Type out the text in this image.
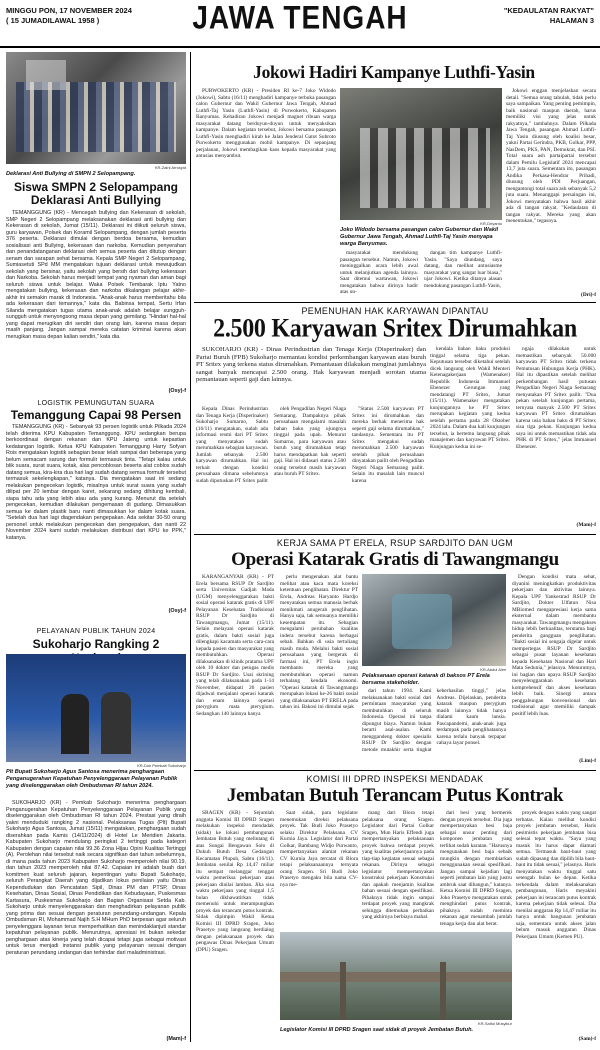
MINGGU PON, 17 NOVEMBER 2024
( 15 JUMADILAWAL 1958 )	JAWA TENGAH	"KEDAULATAN RAKYAT"
HALAMAN 3
KR-Zaini Arrosyid
Deklarasi Anti Bullying di SMPN 2 Selopampang.
Siswa SMPN 2 Selopampang Deklarasi Anti Bullying

TEMANGGUNG (KR) - Mencegah bullying dan Kekerasan di sekolah, SMP Negeri 2 Selopampang melaksanakan deklarasi anti bullying dan Kekerasan di sekolah, Jumat (15/11). Deklarasi ini diikuti seluruh siswa, guru karyawan, Polsek dan Koramil Selopampang, dengan jumlah peserta 376 peserta. Deklarasi dimulai dengan berdoa bersama, kemudian sosialisasi anti Bullying, kekerasan dan narkoba. Kemudian penyerahan dan penandatanganan deklarasi oleh semua peserta dan ditutup dengan senam dan sarapan sehat bersama. Kepala SMP Negeri 2 Selopampang, Sumiasetuti SPd MM mengatakan tujuan deklarasi untuk mewujudkan sekolah yang bersinar, yaitu sekolah yang bersih dari bullying kekerasan dan Narkoba. Sekolah harus menjadi tempat yang nyaman dan aman bagi seluruh siswa untuk belajar. Waka Polsek Tembarak Iptu Yatno mengatakan bullying, kekerasan dan narkoba dikalangan pelajar akhir-akhir ini semakin marak di Indonesia. "Anak-anak harus memberitahu bila ada kekerasan dari temannya," kata dia. Babinsa tempat, Sertu Irfan Silanda mengatakan tugas utama anak-anak adalah belajar sungguh-sungguh untuk menyongsong masa depan yang gemilang. "Hindari hal-hal yang dapat merugikan diri sendiri dan orang lain, karena masa depan masih panjang. Jangan sampai mereka catatan kriminal karena akan merugikan masa depan kalian sendiri," kata dia.

(Osy)-f
LOGISTIK PEMUNGUTAN SUARA
Temanggung Capai 98 Persen

TEMANGGUNG (KR) - Sebanyak 93 persen logistik untuk Pilkada 2024 telah diterima KPU Kabupaten Temanggung. KPU sedangkan berupa berkoordinasi dengan rekanan dan KPU Jateng untuk kepastian kedatangan logistik. Ketua KPU Kabupaten Temanggung Harry Sofyan Rois mengatakan logistik sebagian besar telah sampai dan beberapa yang belum semacam sarung dan formulir termasuk tinta. "Tetapi kalau untuk blik suara, surat suara, kotak, alas pencoblosan beserta alat coblos sudah datang semua, kira-kira dua hari lagi sudah datang semua formulir tersebut termasuk sekelengkapan," katanya. Dia mengatakan saat ini sedang melakukan pengecekan logistik, misalnya untuk surat suara yang sudah dilipat per 20 lembar dengan karet, sekarang sedang dihitung kembali, siapa tahu ada yang lebih atau ada yang kurang. Menurut dia setelah pengecekan, kemudian dilakukan pengemasan di gudang. Dimasukkan semua ke dalam plastik baru nanti dimasukkan ke dalam kotak suara. "Setelah dua hari lagi diagendakan pengepakan. Ada sekitar 30-50 orang personel untuk melakukan pengecekan dan pengepakan, dan nanti 22 November 2024 kami sudah melakukan distribusi dari KPU ke PPK," katanya.

(Osy)-f
PELAYANAN PUBLIK TAHUN 2024
Sukoharjo Rangking 2
KR-Dok Pemkab Sukoharjo
Plt Bupati Sukoharjo Agus Santosa menerima penghargaan Penganugerahan Kepatuhan Penyelenggaraan Pelayanan Publik yang diselenggarakan oleh Ombudsman RI tahun 2024.

SUKOHARJO (KR) - Pemkab Sukoharjo menerima penghargaan Penganugerahan Kepatuhan Penyelenggaraan Pelayanan Publik yang diselenggarakan oleh Ombudsman RI tahun 2024. Prestasi yang diraih yakni menduduki rangking 2 nasional. Pelaksanaa Tugas (Plt) Bupati Sukoharjo Agus Santosa, Jumat (15/11) mengatakan, penghargaan sudah diserahkan pada Kamis (14/11/2024) di Hotel Le Meridien Jakarta. Kabupaten Sukoharjo mendulang peringkat 2 tertinggi pada kategori Kabupaten dengan capaian nilai 99.36 Zona Hijau Opini Kualitas Tertinggi (A). Perolehan nilai tersebut naik secara signifikan dari tahun sebelumnya, di mana pada tahun 2023 Kabupaten Sukoharjo memperoleh nilai 90.19, dan tahun 2023 memperoleh nilai 87.42. Capaian ini adalah buah dari komitmen kuat seluruh jajaran, kepentingan yaitu Bupati Sukoharjo, seluruh Perangkat Daerah yang dijadikan lokus penilaian yaitu Dinas Kependudukan dan Pencatatan Sipil, Dinas PM dan PTSP, Dinas Kesehatan, Dinas Sosial, Dinas Pendidikan dan Kebudayaan, Puskesmas Kartasura, Puskesmas Sukoharjo dan Bagian Organisasi Setda Kab. Sukoharjo untuk menyelenggarakan dan menghadirkan pelayanan publik yang prima dan sesuai dengan peraturan perundang-undangan. Kepala Ombudsman RI, Mohammad Najih S.H MHum PhD berpesan agar seluruh penyelenggara layanan terus memperhatikan dan menindaklanjuti standar kepatuhan pelayanan publik. Menurutnya, apresiasi ini bukan sekedar penghargaan atas kinerja yang telah dicapai tetapi juga sebagai motivasi untuk terus menjadi instansi publik yang pelayanan sesuai dengan peraturan perundang undangan dan terhindar dari maladministrasi.

(Mam)-f
Jokowi Hadiri Kampanye Luthfi-Yasin

PURWOKERTO (KR) - Presiden RI ke-7 Joko Widodo (Jokowi), Sabtu (16/11) menghadiri kampanye terbuka pasangan calon Gubernur dan Wakil Gubernur Jawa Tengah, Ahmad Luthfi-Taj Yasin (Luthfi-Yasin) di Purwokerto, Kabupaten Banyumas. Kehadiran Jokowi menjadi magnet ribuan warga masyarakat datang berduyun-duyun untuk menyaksikan kampanye. Dalam kegiatan tersebut, Jokowi bersama pasangan Luthfi-Yasin menghadiri kirab ke Jalan Jenderal Gatot Subroto Purwokerto menggunakan mobil kampanye. Di sepanjang perjalanan, Jokowi membagikan kaos kepada masyarakat yang antusias menyambut.

KR-Driyanto
Joko Widodo bersama pasangan calon Gubernur dan Wakil Gubernur Jawa Tengah, Ahmad Luthfi-Taj Yasin menyapa warga Banyumas.

masyarakat mendukung pasangan tersebut. Namun, Jokowi meninggalkan acara lebih awal untuk melanjutkan agenda lainnya. Saat ditemui wartawan, Jokowi mengatakan bahwa dirinya hadir atas un-

dangan tim kampanye Luthfi-Yasin. "Saya diundang, saya datang, dan melihat antusiasme masyarakat yang sangat luar biasa," ujar Jokowi. Ketika ditanya alasan mendukung pasangan Luthfi-Yasin,

Jokowi enggan menjelaskan secara detail. "Semua orang tahulah, tidak perlu saya sampaikan. Yang penting pemimpin, baik nasional maupun daerah, harus memiliki visi yang jelas untuk rakyatnya," tambahnya. Dalam Pilkada Jawa Tengah, pasangan Ahmad Luthfi-Taj Yasin diusung oleh koalisi besar, yakni Partai Gerindra, PKB, Golkar, PPP, NasDem, PKS, PAN, Demokrat, dan PSI. Total suara ash partaipartai tersebut dalam Pemilu Legislatif 2024 mencapai 13,7 juta suara. Sementara itu, pasangan Andika Perkasa-Hendrar Prihadi, diusung oleh PDI Perjuangan, mengantongi total suara ash sebanyak 5,2 juta suara. Menanggapi persaingan ini, Jokowi menyatakan bahwa hasil akhir ada di tangan rakyat. "Kedaulatan di tangan rakyat. Mereka yang akan menentukan," tegasnya.

(Dri)-f
PEMENUHAN HAK KARYAWAN DIPANTAU
2.500 Karyawan Sritex Dirumahkan

SUKOHARJO (KR) - Dinas Perindustrian dan Tenaga Kerja (Disperinaker) dan Partai Buruh (FPB) Sukoharjo memantau kondisi perkembangan karyawan atau buruh PT Sritex yang terkena status dirumahkan. Pemantauan dilakukan menginat jumlahnya sangat banyak mencapai 2.500 orang. Hak karyawan menjadi sorotan utama pemantauan seperti gaji dan lainnya.

Kepala Dinas Perindustrian dan Tenaga Kerja (Disperinaker) Sukoharjo Sumarno, Sabtu (16/11) mengatakan, sudah ada informasi resmi dari PT Sritex yang menyatakan sudah merumahkan sebagian karyawan. Jumlah sebanyak 2.500 karyawan dirumahkan. Hal ini terkait dengan kondisi perusahaan dimana sebelumnya sudah diputuskan PT Sritex pailit

oleh Pengadilan Negeri Niaga Semarang. Dampaknya pihak perusahaan mengalami masalah bahan baku yang ujungnya tinggal pada upah. Menurut Sumarno, para karyawan atau buruh yang dirumahkan tetap harus mendapatkan hak seperti gaji. Hal ini didasari status 2.500 orang tersebut masih karyawan atau buruh PT Sritex.

"Status 2.500 karyawan PT Sritex ini dirumahkan dan mereka berhak menerima hak seperti gaji selama dirumahkan," tandasnya. Sementara itu PT Sritex mengakui sudah merumahkan 2.500 karyawan setelah pihak perusahaan dinyatakan pailit oleh Pengadilan Negeri Niaga Semarang pailit. Selain itu masalah lain muncul karena

kendala bahan baku produksi tinggal selama tiga pekan. Keputusan tersebut diketahui setelah dicek langsung oleh Wakil Menteri Ketenagakerjaan (Wamenaker) Republik Indonesia Immanuel Ebenezer Gerungan yang mendatangi PT Sritex, Jumat (15/11). Wamenaker mengatakan kunjungannya ke PT Sritex merupakan kegiatan yang kedua setelah pertama pada 28 Oktober 2024 lalu. Dalam dua kali kunjungan tersebut, ia bertemu langsung pihak manajemen dan karyawan PT Sritex. Kunjungan kedua ini se-

ngaja dilakukan untuk memastikan sebanyak 50.000 karyawan PT Sritex tidak terkena Pemutusan Hubungan Kerja (PHK). Hal itu dipastikan setelah melihat perkembangan hasil putusan Pengadilan Negeri Niaga Semarang menyatakan PT Sritex pailit. "Dua pekan setelah kunjungan pertama, ternyata manyak 2.500 PT Sritex karyawan PT Sritex dirumahkan karena usia bahan baku di PT Sritex sisa tiga pekan. Kunjungan kedua saya ini untuk memastikan tidak ada PHK di PT Sritex," jelas Immanuel Ebenezer.

(Mam)-f
KERJA SAMA PT ERELA, RSUP SARDJITO DAN UGM
Operasi Katarak Gratis di Tawangmangu

KARANGANYAR (KR) - PT Erela bersama RSUP Dr Sardjito serta Universitas Gadjah Mada (UGM) menyelenggarakan bakti sosial operasi katarak gratis di UPF Pelayanan Kesehatan Tradisional RSUP Dr Sardjito di Tawangmangu, Jumat (15/11). Selain melayani operasi katarak gratis, dalam bakti sosial juga dilengkapi kacamata serta cara-cara kepada pasien dan masyarakat yang membutuhkan. Operasi dilaksanakan di klinik pratama UPF oleh 10 dokter dan petugas medis RSUP Dr Sardjito. Usai skrining yang telah dilaksanakan pada 1-14 November, didapati 26 pasien dijadwal menjalani operasi katarak dan enam lainnya operasi pterygium mata pterygium. Sedangkan 140 lainnya hanya

perlu mengenakan alat bantu melihat atau kaca mata koreksi ketentuan penglihatan. Direktur PT Erela, Andreas Haryanto Hardjo menyatakan semua manusia berhak menikmati anugerah penglihatan. Hanya saja, tak semuanya memiliki kesempatan itu. Sebagian mengalami perubahan kualitas indera tersebut karena berbagai sebab. Bahkan di usia tertuliang masih muda. Melalui bakti sosial perusahaan yang bergerak di farmasi ini, PT Erela ingin membantu mereka yang membutuhkan operasi namun terhalang kendala ekonomi. "Operasi katarak di Tawangmangu merupakan lokasi ke-26 bakti sosial yang dilaksanakan PT ERELA pada tahun ini. Bakosi ini dimulai sejak

KR-Abdul Alim
Pelaksanaan operasi katarak di baksos PT Erela bersama stakeholder.

dari tahun 1994. Kami melaksanakan bakti sosial dari permintaan masyarakat yang membutuhkan di seluruh Indonesia. Operasi ini tanpa dipungut biaya. Namun bukan berarti asal-asalan. Kami menggandeng dokter spesialis RSUP Dr Sardjito dengan metode mutakhir serta tingkat keberhasilan tinggi," jelas Andreas. Dijelaskan, penderita katarak maupun pterygium masih lainnya tidak hanya dialami kaum lansia. Pascapandemi, anak-anak juga terdampak pada penglihatannya karena terlalu banyak terpapar cahaya layar ponsel.

Dengan kondisi mata sehat, diyanini meningkatkan produktivitas pekerjaan dan aktivitas lainnya. Kepala UPF Yankestrad RSUP Dr Sardjito, Dokter Ulfatun Nisa MBiomed mengapresiasi kerja sama eksternal dalam membantu masyarakat. Tawangmangu mengakses hidup lebih berkualitas, terutama bagi penderita gangguan penglihatan. "Bakti sosial ini sengaja digelar untuk mempertegas RSUP Dr Sardjito sebagai pusat layanan kesehatan kepada Kesehatan Nasional dan Hari Mata Sedunia," jelasnya. Menurutnya, ini bagian dan upaya RSUP Sardjito menyelenggarakan kesehatan komprehensif dan akses kesehatan lebih baik. Sinergi antara penggabungan konvensional dan tradisional agar memiliki dampak positif lebih luas.

(Lim)-f
KOMISI III DPRD INSPEKSI MENDADAK
Jembatan Butuh Terancam Putus Kontrak

SRAGEN (KR) - Sejumlah anggota Komisi III DPRD Sragen melakukan inspeksi mendadak (sidak) ke lokasi pembangunan Jembatan Butuh yang melintang di atas Sungai Bengawan Solo di Dukuh Butuh Desa Gedangan Kecamatan Plupuh, Sabtu (16/11). Jembatan senilai Rp 14,47 miliar itu sempat melanggar tenggat waktu pemeriksa pekerjaan atau pekerjaan dinilai lamban. Jika sisa waktu pekerjaan yang tinggal 1,5 bulan dikhawatirkan tidak memenuhi untuk merampungkan proyek dan terancam putus kontrak. Sidak dipimpin Wakil Ketua Komisi III DPRD Sragen, Joko Prasetyo yang langsung berdialog dengan pelaksanaan proyek dan pengawas Dinas Pekerjaan Umum (DPU) Sragen.

Saat sidak, para legislator menemukan direksi pelaksana proyek. Tak Budi Joko Prasetyo selaku Direktur Pelaksana CV Kurnia Jaya. Legislator dari Partai Golkar, Bambang Widjo Purwanto, mempertanyakan alamat rekanan CV Kurnia Jaya tercatat di Blora tetapi pelaksanaannya ternyata orang Sragen. Sri Budi Joko Prasetyo mengaku bila nama CV-nya me-

mang dari Blora tetapi pelaksana orang Sragen. Legislator dari Partai Golkar Sragen, Mun Haris Effendi juga mempertanyakan pelaksanaan proyek bahwa terdapat proyek yang kualitas pekerjaannya pada tiap-tiap kegiatan sesuai sebagai rekanan. Dirinya sebagai legislator mempertanyakan konstruksi pekerjaan Konstruksi dan apakah menjamin kualitas bahan sesuai dengan spesifikasi. Pihaknya tidak ingin sampai terdapat proyek yang mangkrak sehingga ditemukan perbaikan yang akhirnya berbiaya mahal.

dari besi yang bermerek dengan proyek tersebut. Dia juga mempertanyakan besi baja sebagai unsur penting dari komponen jembatan yang terlihat sudah karatan. "Harusnya mengunakan besi baja sebaik mungkin dengan membiarkan menggunakan sesuai spesifikasi. Jangan sampai kejadian lagi seperti jembatan lain yang justru ambruk saat dibangun," katanya. Ketua Komisi III DPRD Sragen, Joko Prasetyo mengatakan untuk menghindari putus kontrak, pihaknya sudah meminta rekanan agar menambah jumlah tenaga kerja dan alat berat.

KR-Saiful Musyikur
Legislator Komisi III DPRD Sragen saat sidak di proyek Jembatan Butuh.

proyek dengan waktu yang sangat terbatas. Kalau melihat kondisi proyek jembatan tersebut, Haris pesimistis pekerjaan jembatan bisa selesai tepat waktu. "Saya yang masuk itu harus dapat diamati semua. Termasuk baut-baut yang sudah dipasang dan dipilih bila baut-baut itu tidak sesuai," jelasnya. Haris menyatakan waktu tinggal satu setengah bulan ke depan. Ketika terkendala dalam melaksanakan pembangunan, Haris meyakini pekerjaan ini terancam putus kontrak karena pekerjaan tidak selesai. Dia menilai anggaran Rp 14,47 miliar itu hanya untuk bangunan jembatan saja, sementara untuk akses jalan belum masuk anggaran Dinas Pekerjaan Umum (Kemen PU).

(Sam)-f
